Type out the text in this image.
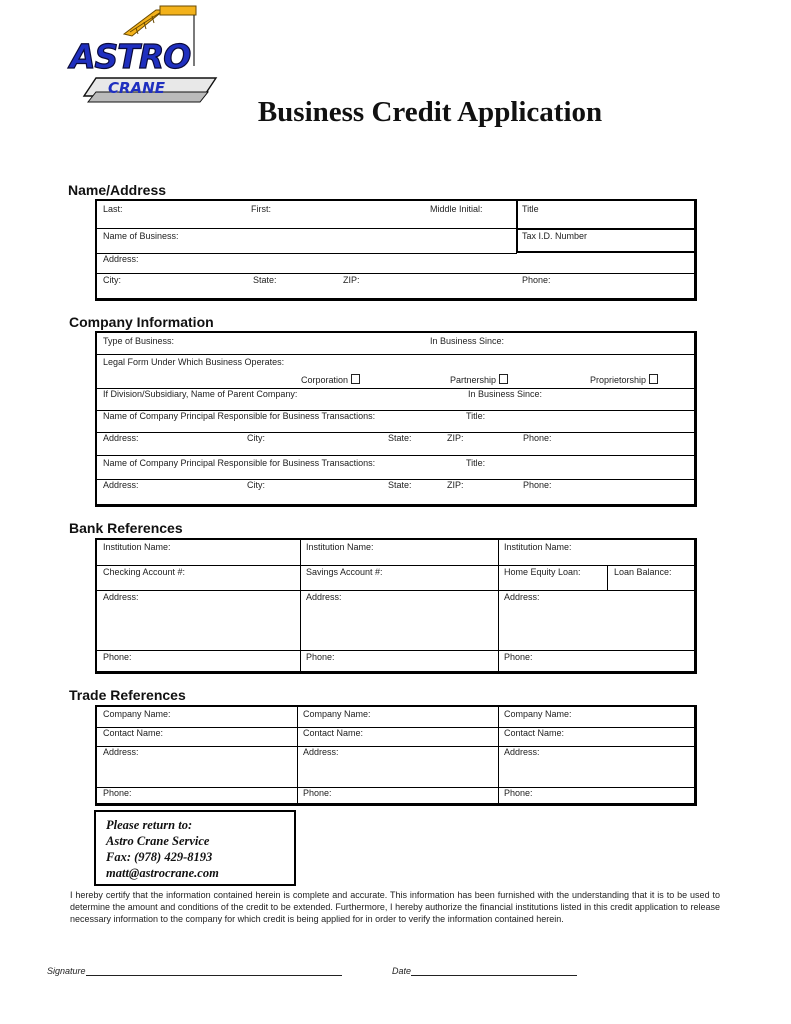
ASTRO
CRANE
Business Credit Application
Name/Address
Last:	First:	Middle Initial:	Title
Name of Business:	Tax I.D. Number
Address:
City:	State:	ZIP:	Phone:
Company Information
Type of Business:	In Business Since:
Legal Form Under Which Business Operates:
Corporation	Partnership	Proprietorship
If Division/Subsidiary, Name of Parent Company:	In Business Since:
Name of Company Principal Responsible for Business Transactions:	Title:
Address:	City:	State:	ZIP:	Phone:
Name of Company Principal Responsible for Business Transactions:	Title:
Address:	City:	State:	ZIP:	Phone:
Bank References
Institution Name:	Institution Name:	Institution Name:
Checking Account #:	Savings Account #:	Home Equity Loan:	Loan Balance:
Address:	Address:	Address:
Phone:	Phone:	Phone:
Trade References
Company Name:	Company Name:	Company Name:
Contact Name:	Contact Name:	Contact Name:
Address:	Address:	Address:
Phone:	Phone:	Phone:
Please return to:
Astro Crane Service
Fax: (978) 429-8193
matt@astrocrane.com
I hereby certify that the information contained herein is complete and accurate. This information has been furnished with the understanding that it is to be used to determine the amount and conditions of the credit to be extended. Furthermore, I hereby authorize the financial institutions listed in this credit application to release necessary information to the company for which credit is being applied for in order to verify the information contained herein.
Signature	Date
